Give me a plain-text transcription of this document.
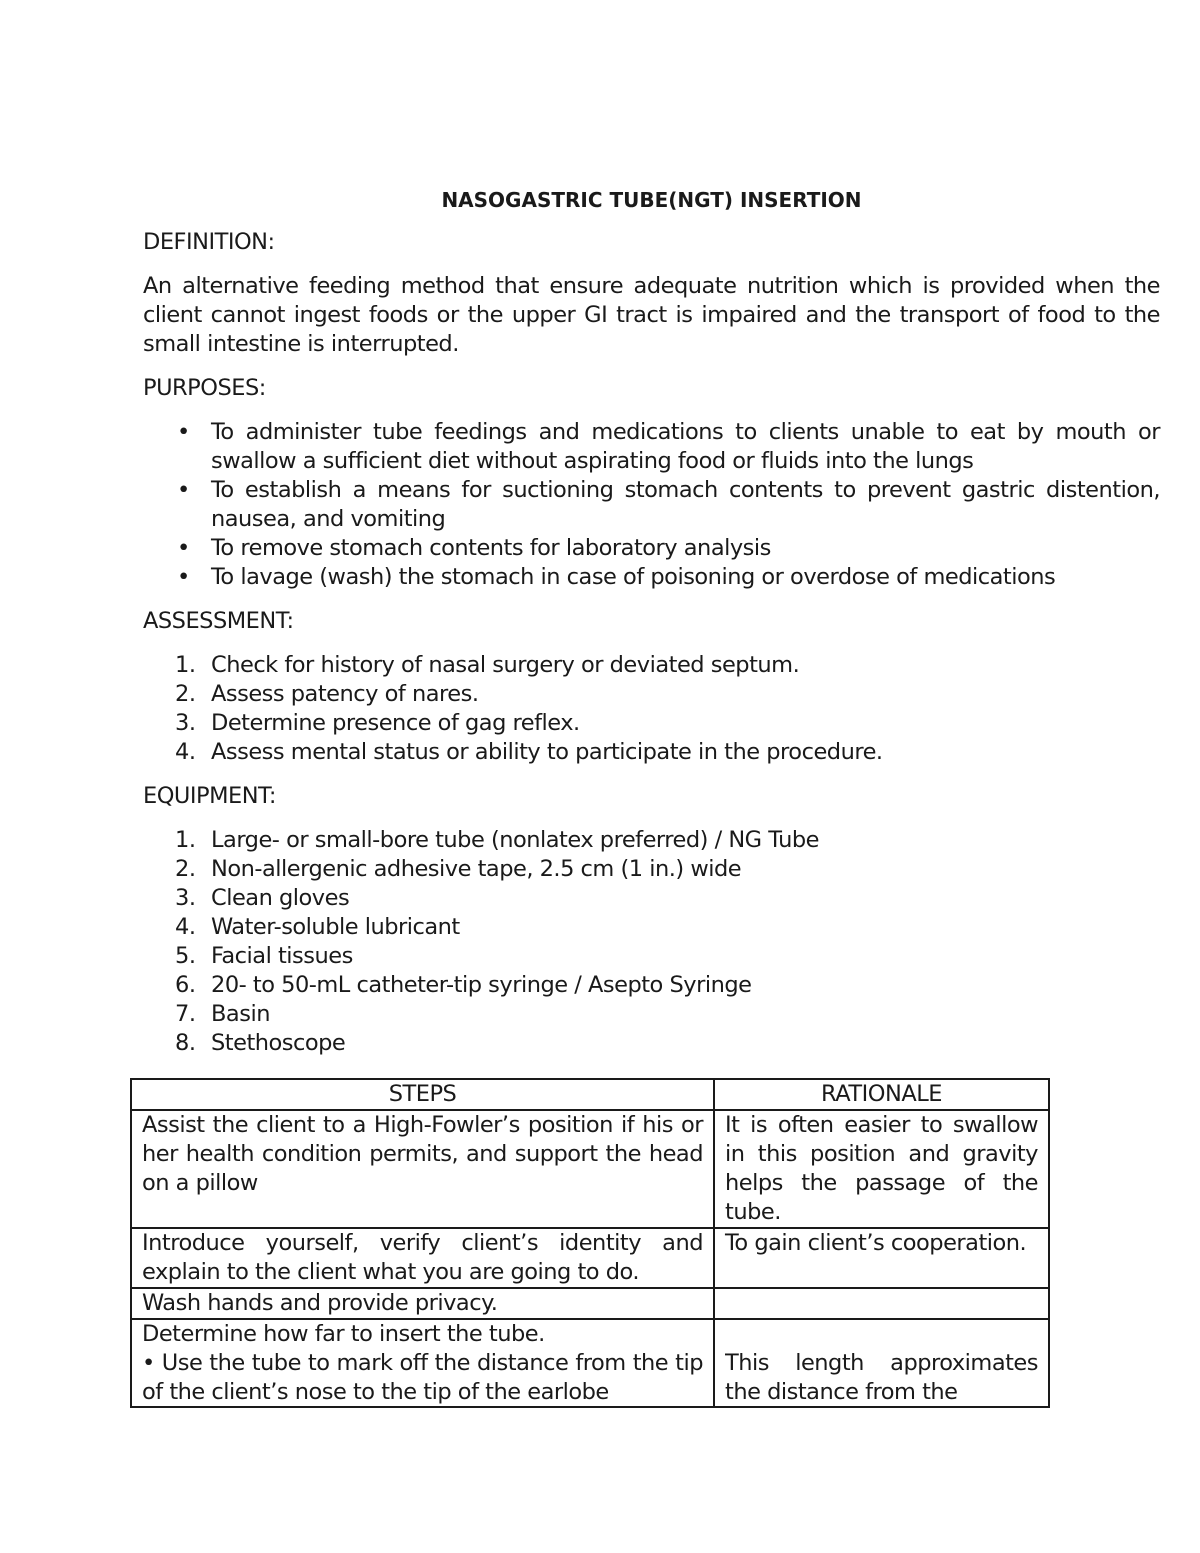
NASOGASTRIC TUBE(NGT) INSERTION
DEFINITION:
An alternative feeding method that ensure adequate nutrition which is provided when the client cannot ingest foods or the upper GI tract is impaired and the transport of food to the small intestine is interrupted.
PURPOSES:
• To administer tube feedings and medications to clients unable to eat by mouth or swallow a sufficient diet without aspirating food or fluids into the lungs
• To establish a means for suctioning stomach contents to prevent gastric distention, nausea, and vomiting
• To remove stomach contents for laboratory analysis
• To lavage (wash) the stomach in case of poisoning or overdose of medications
ASSESSMENT:
1. Check for history of nasal surgery or deviated septum.
2. Assess patency of nares.
3. Determine presence of gag reflex.
4. Assess mental status or ability to participate in the procedure.
EQUIPMENT:
1. Large- or small-bore tube (nonlatex preferred) / NG Tube
2. Non-allergenic adhesive tape, 2.5 cm (1 in.) wide
3. Clean gloves
4. Water-soluble lubricant
5. Facial tissues
6. 20- to 50-mL catheter-tip syringe / Asepto Syringe
7. Basin
8. Stethoscope
STEPS	RATIONALE
Assist the client to a High-Fowler’s position if his or her health condition permits, and support the head on a pillow	It is often easier to swallow in this position and gravity helps the passage of the tube.
Introduce yourself, verify client’s identity and explain to the client what you are going to do.	To gain client’s cooperation.
Wash hands and provide privacy.	

Determine how far to insert the tube.
• Use the tube to mark off the distance from the tip of the client’s nose to the tip of the earlobe	This length approximates the distance from the
